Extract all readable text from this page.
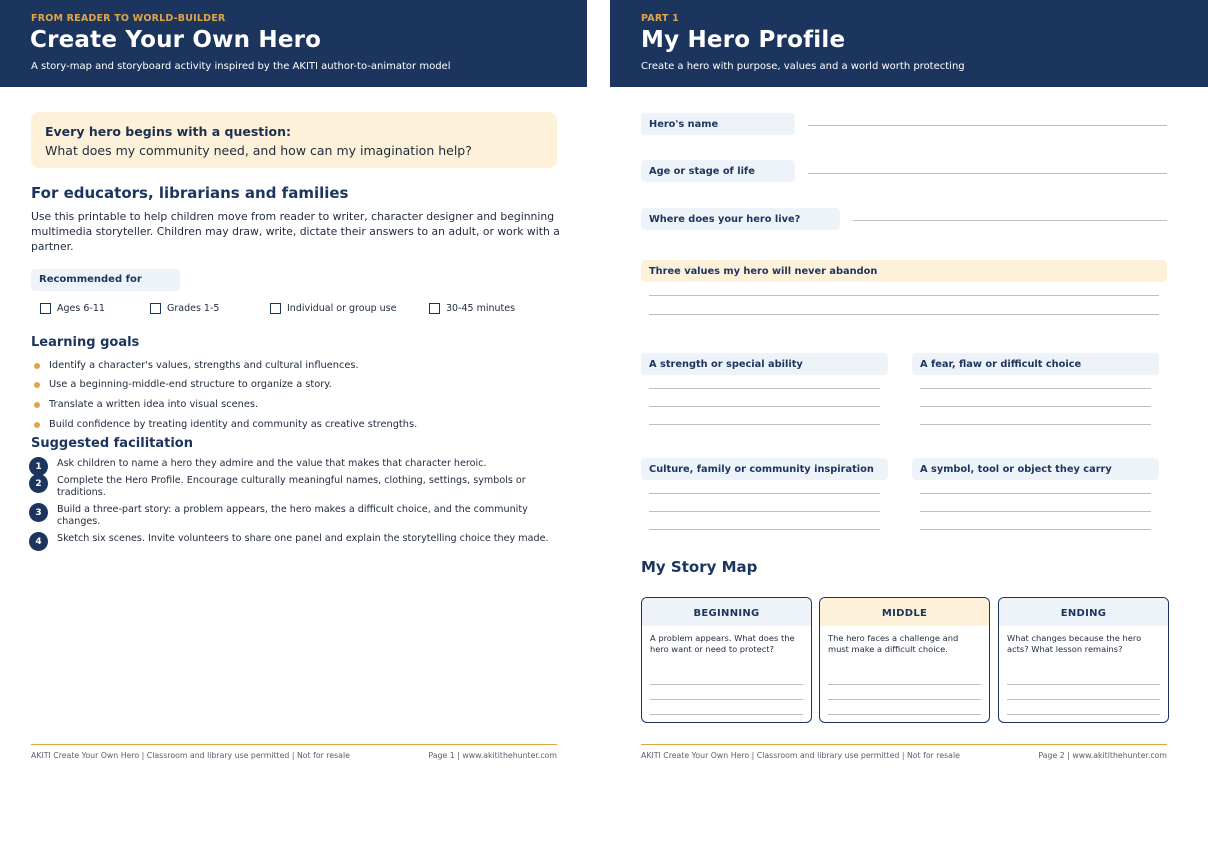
FROM READER TO WORLD-BUILDER
Create Your Own Hero
A story-map and storyboard activity inspired by the AKITI author-to-animator model
Every hero begins with a question:
What does my community need, and how can my imagination help?
For educators, librarians and families
Use this printable to help children move from reader to writer, character designer and beginning multimedia storyteller. Children may draw, write, dictate their answers to an adult, or work with a partner.
Recommended for
Ages 6-11	Grades 1-5	Individual or group use	30-45 minutes
Learning goals
Identify a character's values, strengths and cultural influences.
Use a beginning-middle-end structure to organize a story.
Translate a written idea into visual scenes.
Build confidence by treating identity and community as creative strengths.
Suggested facilitation
1	Ask children to name a hero they admire and the value that makes that character heroic.
2	Complete the Hero Profile. Encourage culturally meaningful names, clothing, settings, symbols or traditions.
3	Build a three-part story: a problem appears, the hero makes a difficult choice, and the community changes.
4	Sketch six scenes. Invite volunteers to share one panel and explain the storytelling choice they made.
AKITI Create Your Own Hero | Classroom and library use permitted | Not for resale	Page 1 | www.akitithehunter.com
PART 1
My Hero Profile
Create a hero with purpose, values and a world worth protecting
Hero's name
Age or stage of life
Where does your hero live?
Three values my hero will never abandon
A strength or special ability	A fear, flaw or difficult choice
Culture, family or community inspiration	A symbol, tool or object they carry
My Story Map
BEGINNING
A problem appears. What does the hero want or need to protect?
MIDDLE
The hero faces a challenge and must make a difficult choice.
ENDING
What changes because the hero acts? What lesson remains?
AKITI Create Your Own Hero | Classroom and library use permitted | Not for resale	Page 2 | www.akitithehunter.com
